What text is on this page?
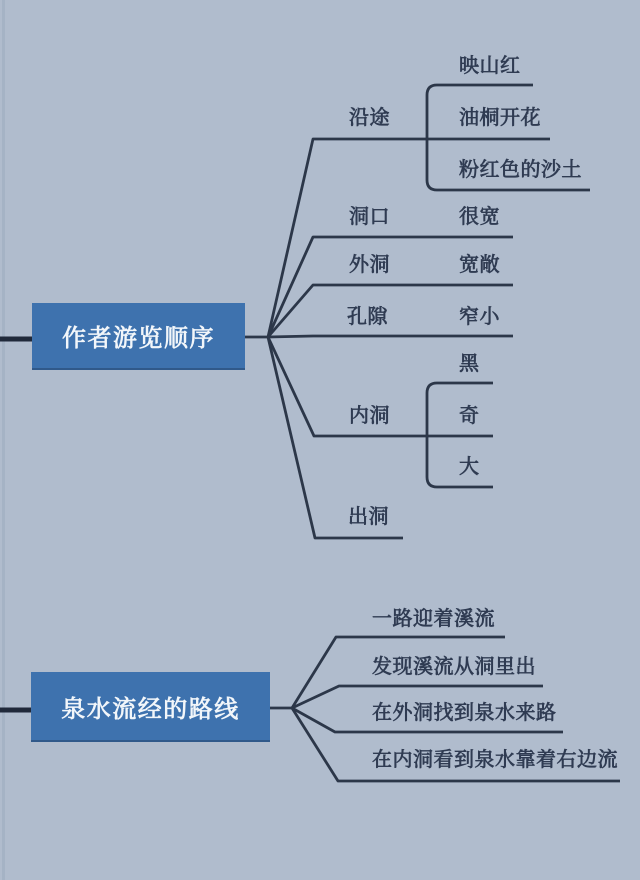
作者游览顺序
沿途
映山红
油桐开花
粉红色的沙土
洞口	很宽
外洞	宽敞
孔隙	窄小
内洞
黑
奇
大
出洞
泉水流经的路线
一路迎着溪流
发现溪流从洞里出
在外洞找到泉水来路
在内洞看到泉水靠着右边流
